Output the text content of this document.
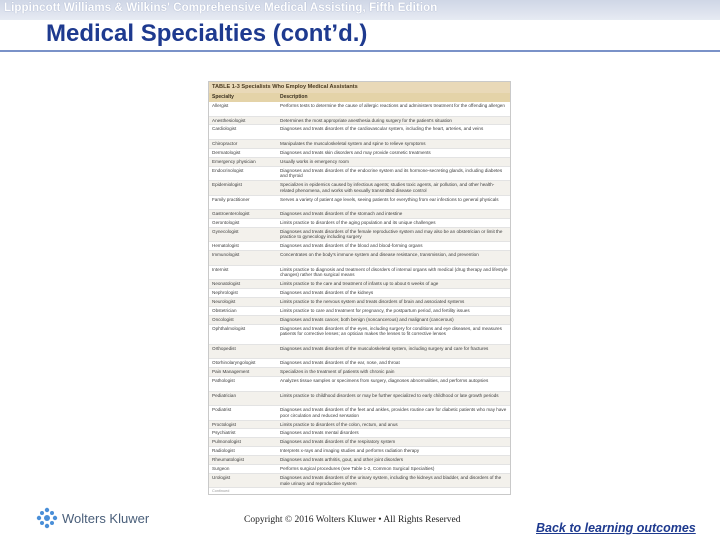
Lippincott Williams & Wilkins' Comprehensive Medical Assisting, Fifth Edition
Medical Specialties (cont’d.)
TABLE 1-3 Specialists Who Employ Medical Assistants
Specialty	Description
Allergist	Performs tests to determine the cause of allergic reactions and administers treatment for the offending allergen
Anesthesiologist	Determines the most appropriate anesthesia during surgery for the patient's situation
Cardiologist	Diagnoses and treats disorders of the cardiovascular system, including the heart, arteries, and veins
Chiropractor	Manipulates the musculoskeletal system and spine to relieve symptoms
Dermatologist	Diagnoses and treats skin disorders and may provide cosmetic treatments
Emergency physician	Usually works in emergency room
Endocrinologist	Diagnoses and treats disorders of the endocrine system and its hormone-secreting glands, including diabetes and thyroid
Epidemiologist	Specializes in epidemics caused by infectious agents; studies toxic agents, air pollution, and other health-related phenomena, and works with sexually transmitted disease control
Family practitioner	Serves a variety of patient age levels, seeing patients for everything from ear infections to general physicals
Gastroenterologist	Diagnoses and treats disorders of the stomach and intestine
Gerontologist	Limits practice to disorders of the aging population and its unique challenges
Gynecologist	Diagnoses and treats disorders of the female reproductive system and may also be an obstetrician or limit the practice to gynecology including surgery
Hematologist	Diagnoses and treats disorders of the blood and blood-forming organs
Immunologist	Concentrates on the body's immune system and disease resistance, transmission, and prevention
Internist	Limits practice to diagnosis and treatment of disorders of internal organs with medical (drug therapy and lifestyle changes) rather than surgical means
Neonatologist	Limits practice to the care and treatment of infants up to about 6 weeks of age
Nephrologist	Diagnoses and treats disorders of the kidneys
Neurologist	Limits practice to the nervous system and treats disorders of brain and associated systems
Obstetrician	Limits practice to care and treatment for pregnancy, the postpartum period, and fertility issues
Oncologist	Diagnoses and treats cancer, both benign (noncancerous) and malignant (cancerous)
Ophthalmologist	Diagnoses and treats disorders of the eyes, including surgery for conditions and eye diseases, and measures patients for corrective lenses; an optician makes the lenses to fit corrective lenses
Orthopedist	Diagnoses and treats disorders of the musculoskeletal system, including surgery and care for fractures
Otorhinolaryngologist	Diagnoses and treats disorders of the ear, nose, and throat
Pain Management	Specializes in the treatment of patients with chronic pain
Pathologist	Analyzes tissue samples or specimens from surgery, diagnoses abnormalities, and performs autopsies
Pediatrician	Limits practice to childhood disorders or may be further specialized to early childhood or late growth periods
Podiatrist	Diagnoses and treats disorders of the feet and ankles, provides routine care for diabetic patients who may have poor circulation and reduced sensation
Proctologist	Limits practice to disorders of the colon, rectum, and anus
Psychiatrist	Diagnoses and treats mental disorders
Pulmonologist	Diagnoses and treats disorders of the respiratory system
Radiologist	Interprets x-rays and imaging studies and performs radiation therapy
Rheumatologist	Diagnoses and treats arthritis, gout, and other joint disorders
Surgeon	Performs surgical procedures (see Table 1-2, Common Surgical Specialties)
Urologist	Diagnoses and treats disorders of the urinary system, including the kidneys and bladder, and disorders of the male urinary and reproductive system
Continued
Wolters Kluwer	Copyright © 2016 Wolters Kluwer • All Rights Reserved
Back to learning outcomes
